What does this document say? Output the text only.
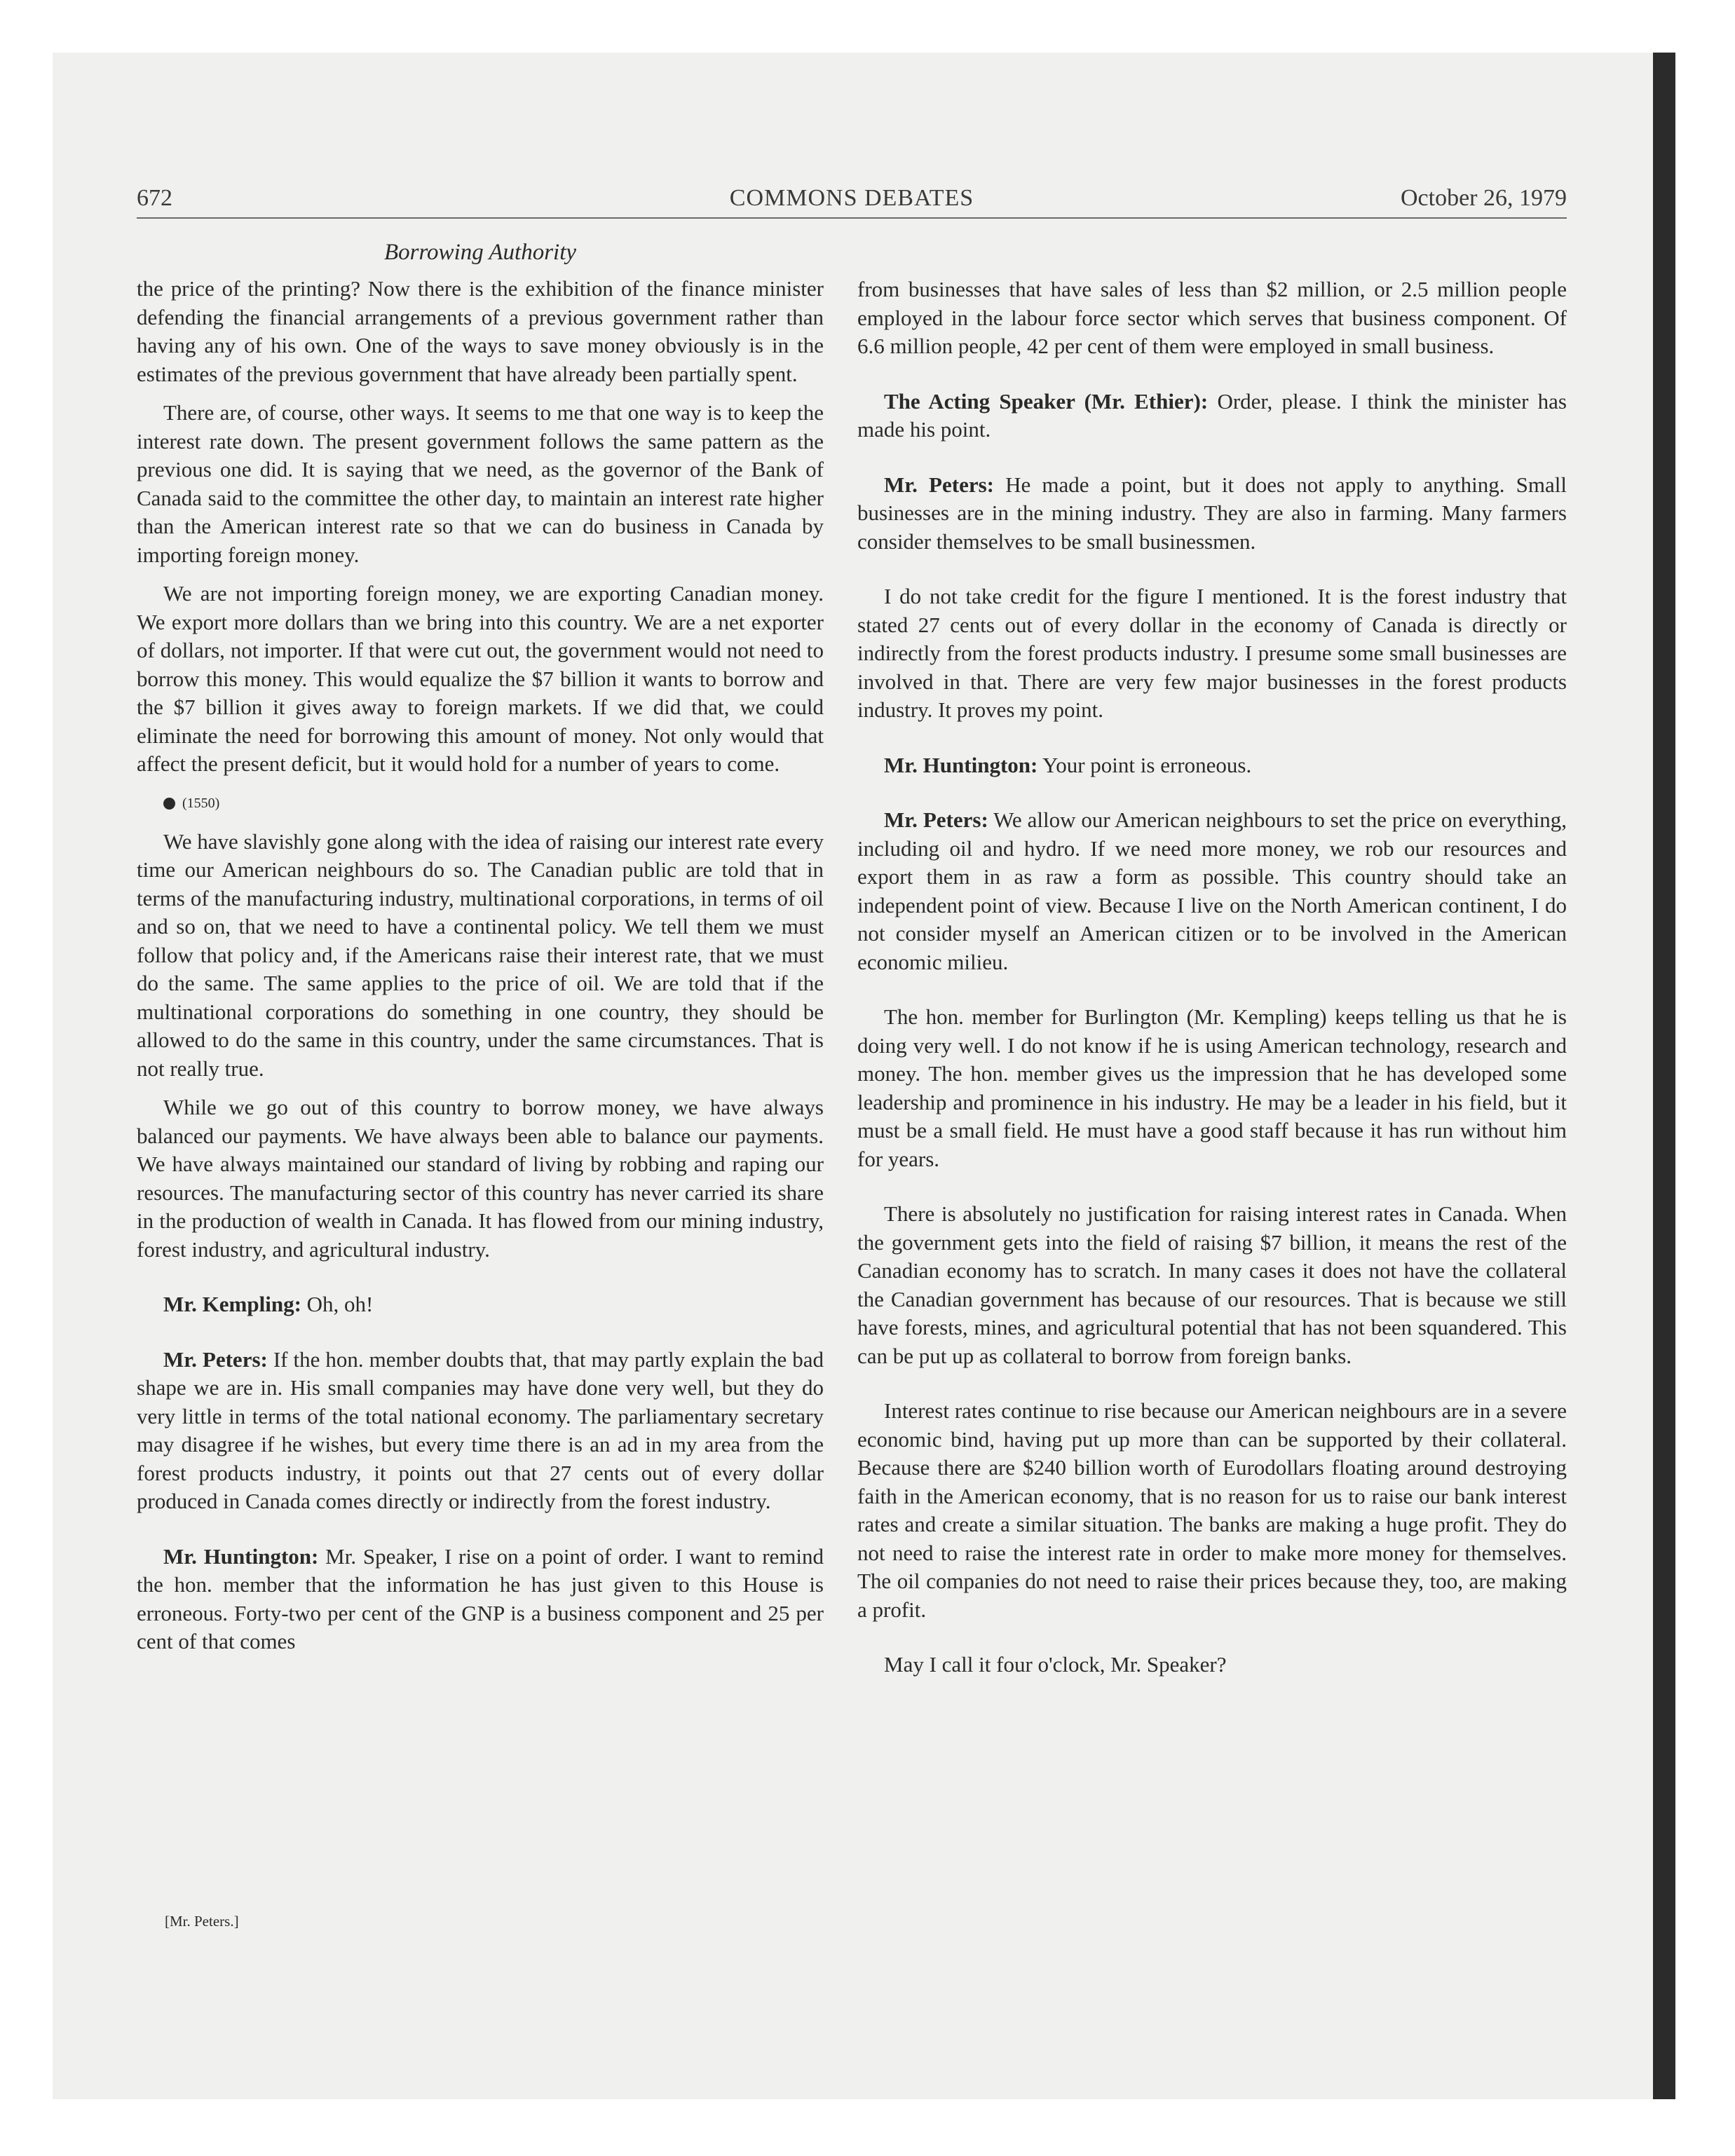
672	COMMONS DEBATES	October 26, 1979
Borrowing Authority

the price of the printing? Now there is the exhibition of the finance minister defending the financial arrangements of a previous government rather than having any of his own. One of the ways to save money obviously is in the estimates of the previous government that have already been partially spent.

There are, of course, other ways. It seems to me that one way is to keep the interest rate down. The present government follows the same pattern as the previous one did. It is saying that we need, as the governor of the Bank of Canada said to the committee the other day, to maintain an interest rate higher than the American interest rate so that we can do business in Canada by importing foreign money.

We are not importing foreign money, we are exporting Canadian money. We export more dollars than we bring into this country. We are a net exporter of dollars, not importer. If that were cut out, the government would not need to borrow this money. This would equalize the $7 billion it wants to borrow and the $7 billion it gives away to foreign markets. If we did that, we could eliminate the need for borrowing this amount of money. Not only would that affect the present deficit, but it would hold for a number of years to come.

(1550)

We have slavishly gone along with the idea of raising our interest rate every time our American neighbours do so. The Canadian public are told that in terms of the manufacturing industry, multinational corporations, in terms of oil and so on, that we need to have a continental policy. We tell them we must follow that policy and, if the Americans raise their interest rate, that we must do the same. The same applies to the price of oil. We are told that if the multinational corporations do something in one country, they should be allowed to do the same in this country, under the same circumstances. That is not really true.

While we go out of this country to borrow money, we have always balanced our payments. We have always been able to balance our payments. We have always maintained our standard of living by robbing and raping our resources. The manufacturing sector of this country has never carried its share in the production of wealth in Canada. It has flowed from our mining industry, forest industry, and agricultural industry.

Mr. Kempling: Oh, oh!

Mr. Peters: If the hon. member doubts that, that may partly explain the bad shape we are in. His small companies may have done very well, but they do very little in terms of the total national economy. The parliamentary secretary may disagree if he wishes, but every time there is an ad in my area from the forest products industry, it points out that 27 cents out of every dollar produced in Canada comes directly or indirectly from the forest industry.

Mr. Huntington: Mr. Speaker, I rise on a point of order. I want to remind the hon. member that the information he has just given to this House is erroneous. Forty-two per cent of the GNP is a business component and 25 per cent of that comes

[Mr. Peters.]

from businesses that have sales of less than $2 million, or 2.5 million people employed in the labour force sector which serves that business component. Of 6.6 million people, 42 per cent of them were employed in small business.

The Acting Speaker (Mr. Ethier): Order, please. I think the minister has made his point.

Mr. Peters: He made a point, but it does not apply to anything. Small businesses are in the mining industry. They are also in farming. Many farmers consider themselves to be small businessmen.

I do not take credit for the figure I mentioned. It is the forest industry that stated 27 cents out of every dollar in the economy of Canada is directly or indirectly from the forest products industry. I presume some small businesses are involved in that. There are very few major businesses in the forest products industry. It proves my point.

Mr. Huntington: Your point is erroneous.

Mr. Peters: We allow our American neighbours to set the price on everything, including oil and hydro. If we need more money, we rob our resources and export them in as raw a form as possible. This country should take an independent point of view. Because I live on the North American continent, I do not consider myself an American citizen or to be involved in the American economic milieu.

The hon. member for Burlington (Mr. Kempling) keeps telling us that he is doing very well. I do not know if he is using American technology, research and money. The hon. member gives us the impression that he has developed some leadership and prominence in his industry. He may be a leader in his field, but it must be a small field. He must have a good staff because it has run without him for years.

There is absolutely no justification for raising interest rates in Canada. When the government gets into the field of raising $7 billion, it means the rest of the Canadian economy has to scratch. In many cases it does not have the collateral the Canadian government has because of our resources. That is because we still have forests, mines, and agricultural potential that has not been squandered. This can be put up as collateral to borrow from foreign banks.

Interest rates continue to rise because our American neighbours are in a severe economic bind, having put up more than can be supported by their collateral. Because there are $240 billion worth of Eurodollars floating around destroying faith in the American economy, that is no reason for us to raise our bank interest rates and create a similar situation. The banks are making a huge profit. They do not need to raise the interest rate in order to make more money for themselves. The oil companies do not need to raise their prices because they, too, are making a profit.

May I call it four o'clock, Mr. Speaker?
